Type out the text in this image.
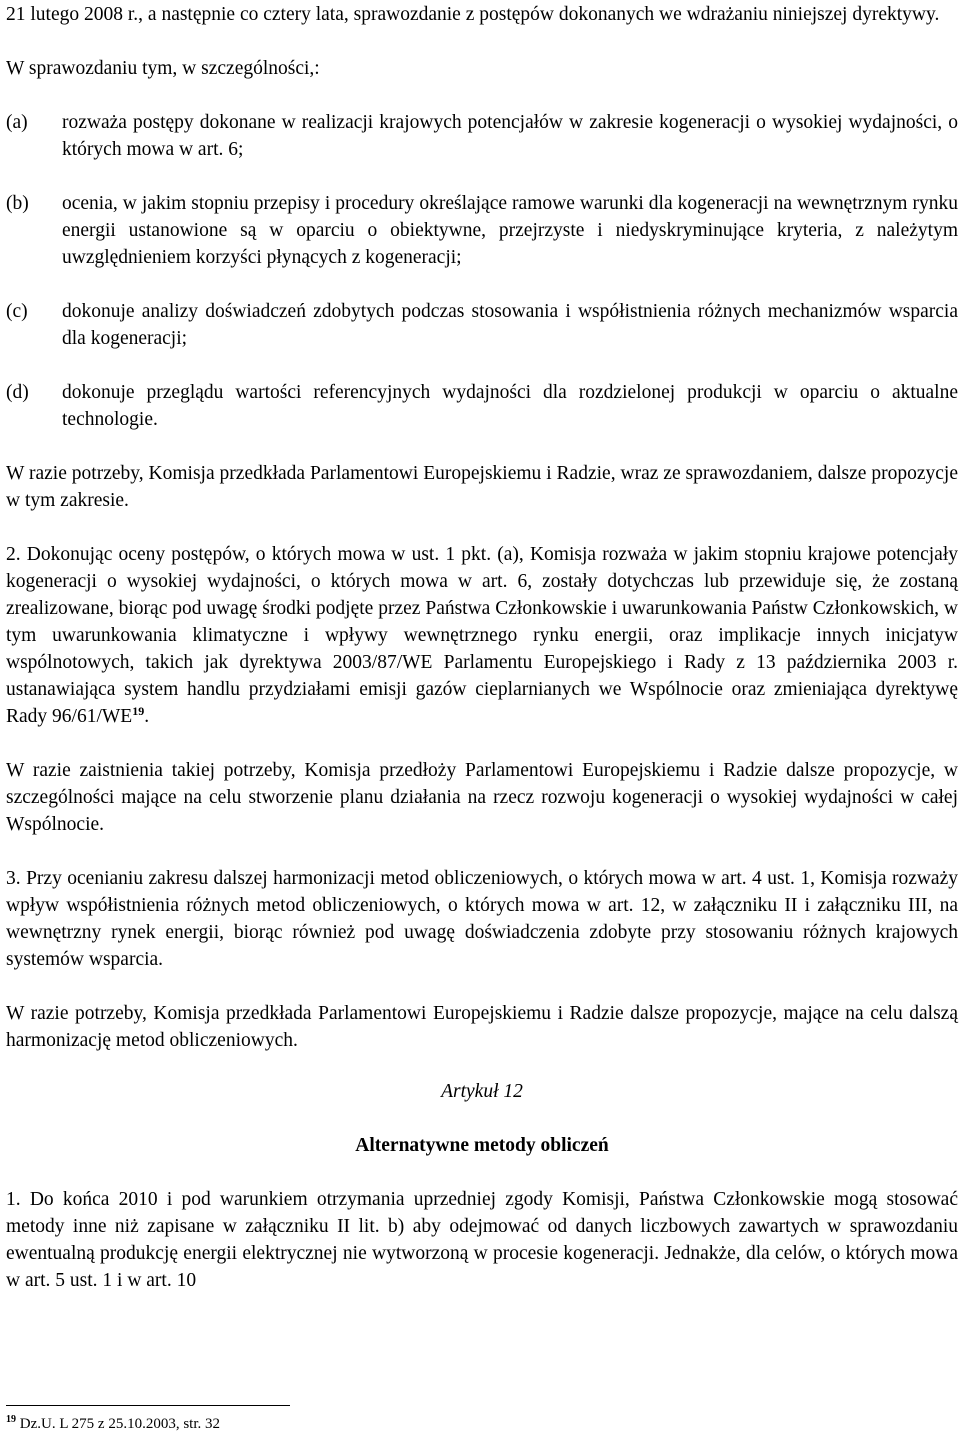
21 lutego 2008 r., a następnie co cztery lata, sprawozdanie z postępów dokonanych we wdrażaniu niniejszej dyrektywy.

W sprawozdaniu tym, w szczególności,:

(a)	rozważa postępy dokonane w realizacji krajowych potencjałów w zakresie kogeneracji o wysokiej wydajności, o których mowa w art. 6;
(b)	ocenia, w jakim stopniu przepisy i procedury określające ramowe warunki dla kogeneracji na wewnętrznym rynku energii ustanowione są w oparciu o obiektywne, przejrzyste i niedyskryminujące kryteria, z należytym uwzględnieniem korzyści płynących z kogeneracji;
(c)	dokonuje analizy doświadczeń zdobytych podczas stosowania i współistnienia różnych mechanizmów wsparcia dla kogeneracji;
(d)	dokonuje przeglądu wartości referencyjnych wydajności dla rozdzielonej produkcji w oparciu o aktualne technologie.

W razie potrzeby, Komisja przedkłada Parlamentowi Europejskiemu i Radzie, wraz ze sprawozdaniem, dalsze propozycje w tym zakresie.

2. Dokonując oceny postępów, o których mowa w ust. 1 pkt. (a), Komisja rozważa w jakim stopniu krajowe potencjały kogeneracji o wysokiej wydajności, o których mowa w art. 6, zostały dotychczas lub przewiduje się, że zostaną zrealizowane, biorąc pod uwagę środki podjęte przez Państwa Członkowskie i uwarunkowania Państw Członkowskich, w tym uwarunkowania klimatyczne i wpływy wewnętrznego rynku energii, oraz implikacje innych inicjatyw wspólnotowych, takich jak dyrektywa 2003/87/WE Parlamentu Europejskiego i Rady z 13 października 2003 r. ustanawiająca system handlu przydziałami emisji gazów cieplarnianych we Wspólnocie oraz zmieniająca dyrektywę Rady 96/61/WE$^{19}$.

W razie zaistnienia takiej potrzeby, Komisja przedłoży Parlamentowi Europejskiemu i Radzie dalsze propozycje, w szczególności mające na celu stworzenie planu działania na rzecz rozwoju kogeneracji o wysokiej wydajności w całej Wspólnocie.

3. Przy ocenianiu zakresu dalszej harmonizacji metod obliczeniowych, o których mowa w art. 4 ust. 1, Komisja rozważy wpływ współistnienia różnych metod obliczeniowych, o których mowa w art. 12, w załączniku II i załączniku III, na wewnętrzny rynek energii, biorąc również pod uwagę doświadczenia zdobyte przy stosowaniu różnych krajowych systemów wsparcia.

W razie potrzeby, Komisja przedkłada Parlamentowi Europejskiemu i Radzie dalsze propozycje, mające na celu dalszą harmonizację metod obliczeniowych.

Artykuł 12
Alternatywne metody obliczeń

1. Do końca 2010 i pod warunkiem otrzymania uprzedniej zgody Komisji, Państwa Członkowskie mogą stosować metody inne niż zapisane w załączniku II lit. b) aby odejmować od danych liczbowych zawartych w sprawozdaniu ewentualną produkcję energii elektrycznej nie wytworzoną w procesie kogeneracji. Jednakże, dla celów, o których mowa w art. 5 ust. 1 i w art. 10

$^{19}$ Dz.U. L 275 z 25.10.2003, str. 32
